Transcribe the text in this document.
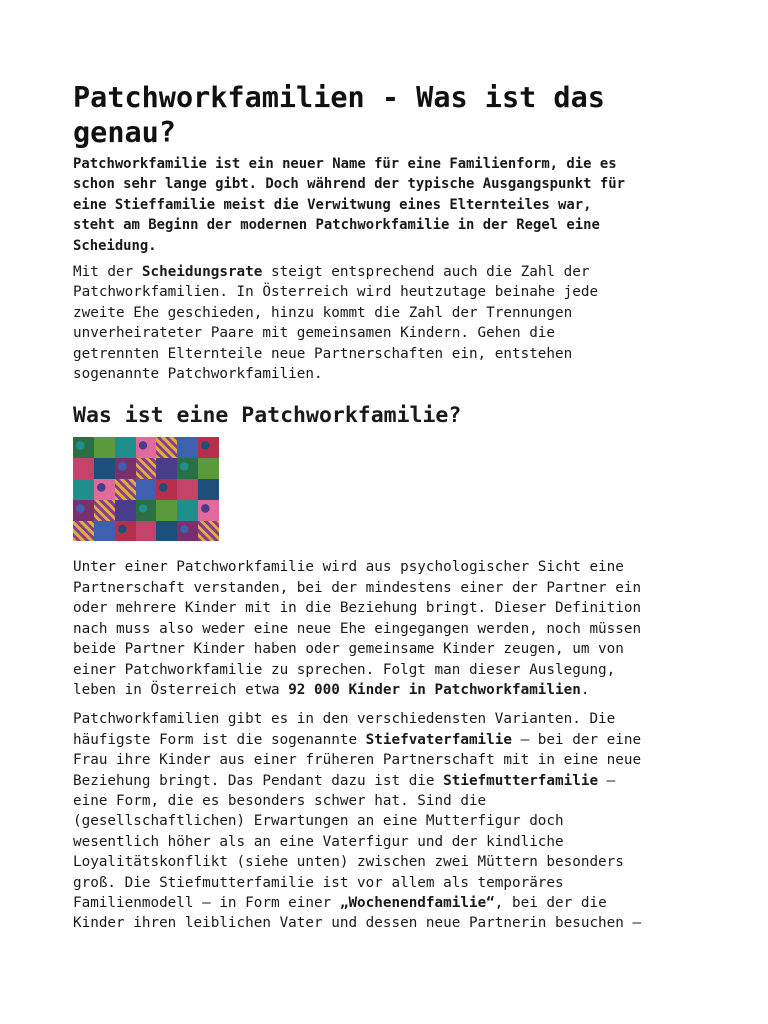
Patchworkfamilien - Was ist das genau?

Patchworkfamilie ist ein neuer Name für eine Familienform, die es
schon sehr lange gibt. Doch während der typische Ausgangspunkt für
eine Stieffamilie meist die Verwitwung eines Elternteiles war,
steht am Beginn der modernen Patchworkfamilie in der Regel eine
Scheidung.

Mit der Scheidungsrate steigt entsprechend auch die Zahl der
Patchworkfamilien. In Österreich wird heutzutage beinahe jede
zweite Ehe geschieden, hinzu kommt die Zahl der Trennungen
unverheirateter Paare mit gemeinsamen Kindern. Gehen die
getrennten Elternteile neue Partnerschaften ein, entstehen
sogenannte Patchworkfamilien.

Was ist eine Patchworkfamilie?

Unter einer Patchworkfamilie wird aus psychologischer Sicht eine
Partnerschaft verstanden, bei der mindestens einer der Partner ein
oder mehrere Kinder mit in die Beziehung bringt. Dieser Definition
nach muss also weder eine neue Ehe eingegangen werden, noch müssen
beide Partner Kinder haben oder gemeinsame Kinder zeugen, um von
einer Patchworkfamilie zu sprechen. Folgt man dieser Auslegung,
leben in Österreich etwa 92 000 Kinder in Patchworkfamilien.

Patchworkfamilien gibt es in den verschiedensten Varianten. Die
häufigste Form ist die sogenannte Stiefvaterfamilie – bei der eine
Frau ihre Kinder aus einer früheren Partnerschaft mit in eine neue
Beziehung bringt. Das Pendant dazu ist die Stiefmutterfamilie –
eine Form, die es besonders schwer hat. Sind die
(gesellschaftlichen) Erwartungen an eine Mutterfigur doch
wesentlich höher als an eine Vaterfigur und der kindliche
Loyalitätskonflikt (siehe unten) zwischen zwei Müttern besonders
groß. Die Stiefmutterfamilie ist vor allem als temporäres
Familienmodell – in Form einer „Wochenendfamilie“, bei der die
Kinder ihren leiblichen Vater und dessen neue Partnerin besuchen –
